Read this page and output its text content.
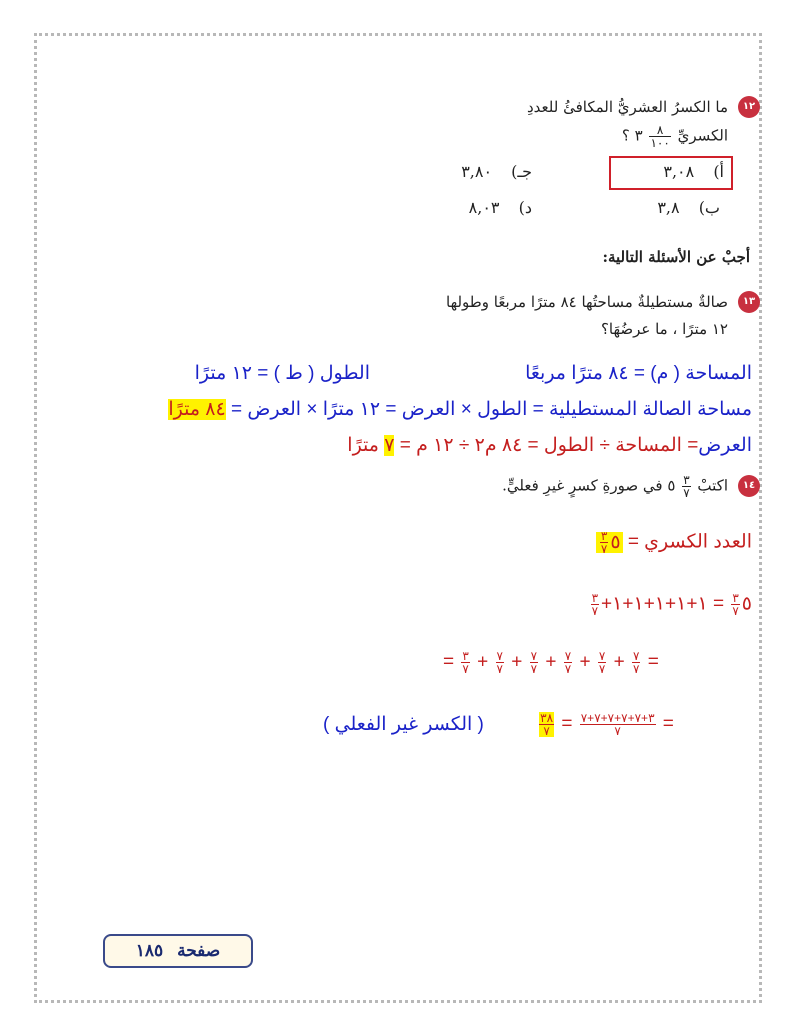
١٢
ما الكسرُ العشريُّ المكافئُ للعددِ
الكسريِّ
$\frac{٨}{١٠٠}$
٣ ؟
أ) ٣,٠٨
جـ) ٣,٨٠
ب) ٣,٨
د) ٨,٠٣
أجبْ عن الأسئلة التالية:
١٣
صالةٌ مستطيلةٌ مساحتُها ٨٤ مترًا مربعًا وطولها
١٢ مترًا ، ما عرضُهَا؟
المساحة ( م) = ٨٤ مترًا مربعًا
الطول ( ط ) = ١٢ مترًا
مساحة الصالة المستطيلية = الطول × العرض = ١٢ مترًا × العرض = ٨٤ مترًا
العرض= المساحة ÷ الطول = ٨٤ م٢ ÷ ١٢ م = ٧ مترًا
١٤
اكتبْ
$\frac{٣}{٧}$
٥ في صورةِ كسرٍ غيرِ فعليٍّ.
العدد الكسري = ٥
$\frac{٣}{٧}$
٥
$\frac{٣}{٧}$
= ١+١+١+١+١+
$\frac{٣}{٧}$
= $\frac{٣}{٧} + \frac{٧}{٧} + \frac{٧}{٧} + \frac{٧}{٧} + \frac{٧}{٧} + \frac{٧}{٧}$ =
( الكسر غير الفعلي )	$\frac{٣٨}{٧} = \frac{٣+٧+٧+٧+٧+٧}{٧}$ =
صفحة ١٨٥
